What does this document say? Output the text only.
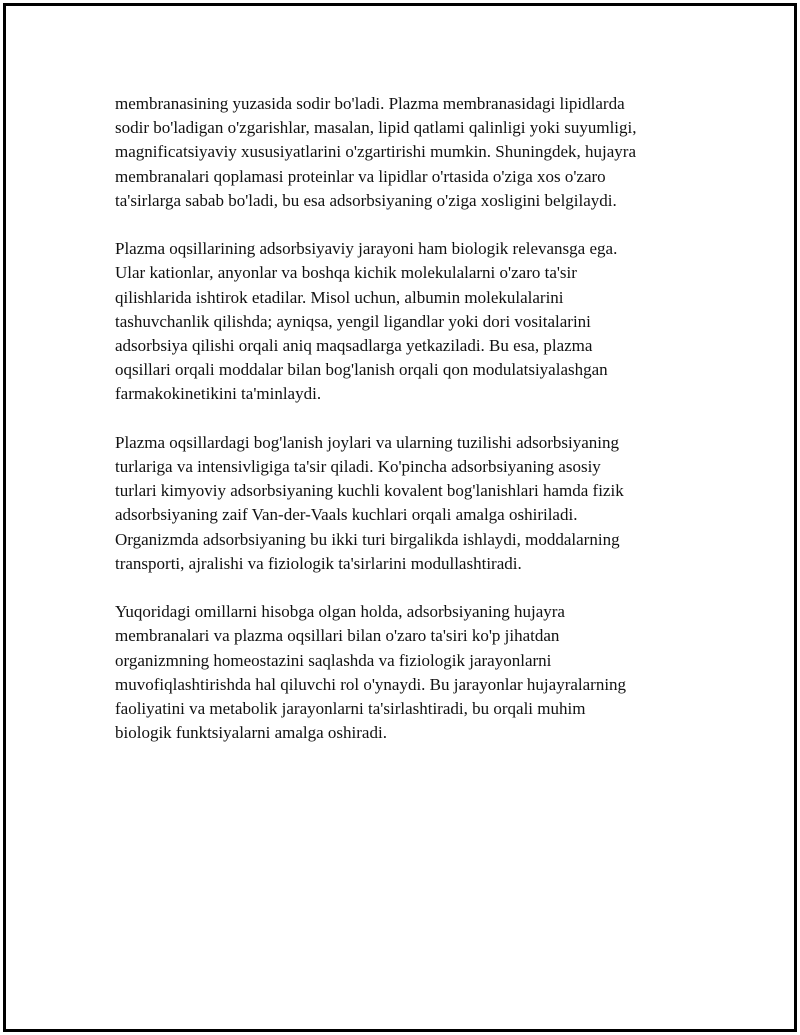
membranasining yuzasida sodir bo'ladi. Plazma membranasidagi lipidlarda
sodir bo'ladigan o'zgarishlar, masalan, lipid qatlami qalinligi yoki suyumligi,
magnificatsiyaviy xususiyatlarini o'zgartirishi mumkin. Shuningdek, hujayra
membranalari qoplamasi proteinlar va lipidlar o'rtasida o'ziga xos o'zaro
ta'sirlarga sabab bo'ladi, bu esa adsorbsiyaning o'ziga xosligini belgilaydi.

Plazma oqsillarining adsorbsiyaviy jarayoni ham biologik relevansga ega.
Ular kationlar, anyonlar va boshqa kichik molekulalarni o'zaro ta'sir
qilishlarida ishtirok etadilar. Misol uchun, albumin molekulalarini
tashuvchanlik qilishda; ayniqsa, yengil ligandlar yoki dori vositalarini
adsorbsiya qilishi orqali aniq maqsadlarga yetkaziladi. Bu esa, plazma
oqsillari orqali moddalar bilan bog'lanish orqali qon modulatsiyalashgan
farmakokinetikini ta'minlaydi.

Plazma oqsillardagi bog'lanish joylari va ularning tuzilishi adsorbsiyaning
turlariga va intensivligiga ta'sir qiladi. Ko'pincha adsorbsiyaning asosiy
turlari kimyoviy adsorbsiyaning kuchli kovalent bog'lanishlari hamda fizik
adsorbsiyaning zaif Van-der-Vaals kuchlari orqali amalga oshiriladi.
Organizmda adsorbsiyaning bu ikki turi birgalikda ishlaydi, moddalarning
transporti, ajralishi va fiziologik ta'sirlarini modullashtiradi.

Yuqoridagi omillarni hisobga olgan holda, adsorbsiyaning hujayra
membranalari va plazma oqsillari bilan o'zaro ta'siri ko'p jihatdan
organizmning homeostazini saqlashda va fiziologik jarayonlarni
muvofiqlashtirishda hal qiluvchi rol o'ynaydi. Bu jarayonlar hujayralarning
faoliyatini va metabolik jarayonlarni ta'sirlashtiradi, bu orqali muhim
biologik funktsiyalarni amalga oshiradi.
